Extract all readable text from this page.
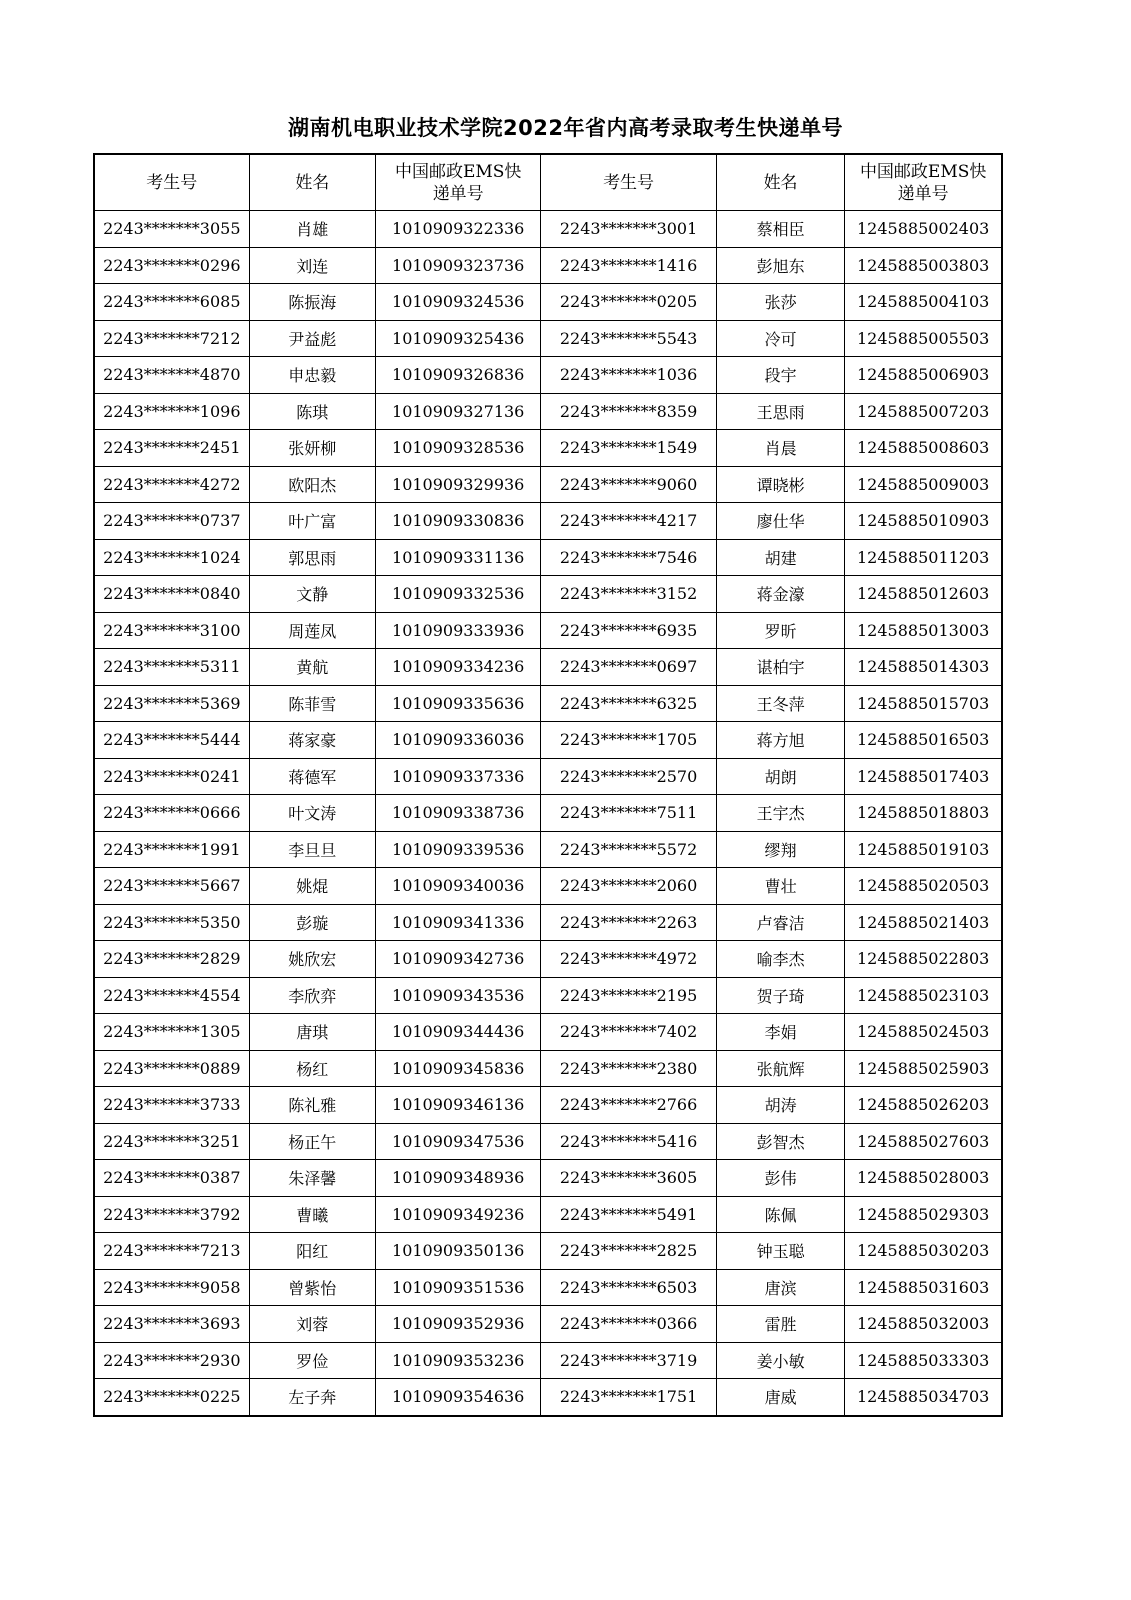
湖南机电职业技术学院2022年省内高考录取考生快递单号
考生号	姓名	中国邮政EMS快递单号	考生号	姓名	中国邮政EMS快递单号
2243*******3055	肖雄	1010909322336	2243*******3001	蔡相臣	1245885002403
2243*******0296	刘连	1010909323736	2243*******1416	彭旭东	1245885003803
2243*******6085	陈振海	1010909324536	2243*******0205	张莎	1245885004103
2243*******7212	尹益彪	1010909325436	2243*******5543	冷可	1245885005503
2243*******4870	申忠毅	1010909326836	2243*******1036	段宇	1245885006903
2243*******1096	陈琪	1010909327136	2243*******8359	王思雨	1245885007203
2243*******2451	张妍柳	1010909328536	2243*******1549	肖晨	1245885008603
2243*******4272	欧阳杰	1010909329936	2243*******9060	谭晓彬	1245885009003
2243*******0737	叶广富	1010909330836	2243*******4217	廖仕华	1245885010903
2243*******1024	郭思雨	1010909331136	2243*******7546	胡建	1245885011203
2243*******0840	文静	1010909332536	2243*******3152	蒋金濠	1245885012603
2243*******3100	周莲凤	1010909333936	2243*******6935	罗昕	1245885013003
2243*******5311	黄航	1010909334236	2243*******0697	谌柏宇	1245885014303
2243*******5369	陈菲雪	1010909335636	2243*******6325	王冬萍	1245885015703
2243*******5444	蒋家豪	1010909336036	2243*******1705	蒋方旭	1245885016503
2243*******0241	蒋德军	1010909337336	2243*******2570	胡朗	1245885017403
2243*******0666	叶文涛	1010909338736	2243*******7511	王宇杰	1245885018803
2243*******1991	李旦旦	1010909339536	2243*******5572	缪翔	1245885019103
2243*******5667	姚焜	1010909340036	2243*******2060	曹壮	1245885020503
2243*******5350	彭璇	1010909341336	2243*******2263	卢睿洁	1245885021403
2243*******2829	姚欣宏	1010909342736	2243*******4972	喻李杰	1245885022803
2243*******4554	李欣弈	1010909343536	2243*******2195	贺子琦	1245885023103
2243*******1305	唐琪	1010909344436	2243*******7402	李娟	1245885024503
2243*******0889	杨红	1010909345836	2243*******2380	张航辉	1245885025903
2243*******3733	陈礼雅	1010909346136	2243*******2766	胡涛	1245885026203
2243*******3251	杨正午	1010909347536	2243*******5416	彭智杰	1245885027603
2243*******0387	朱泽馨	1010909348936	2243*******3605	彭伟	1245885028003
2243*******3792	曹曦	1010909349236	2243*******5491	陈佩	1245885029303
2243*******7213	阳红	1010909350136	2243*******2825	钟玉聪	1245885030203
2243*******9058	曾紫怡	1010909351536	2243*******6503	唐滨	1245885031603
2243*******3693	刘蓉	1010909352936	2243*******0366	雷胜	1245885032003
2243*******2930	罗俭	1010909353236	2243*******3719	姜小敏	1245885033303
2243*******0225	左子奔	1010909354636	2243*******1751	唐威	1245885034703
